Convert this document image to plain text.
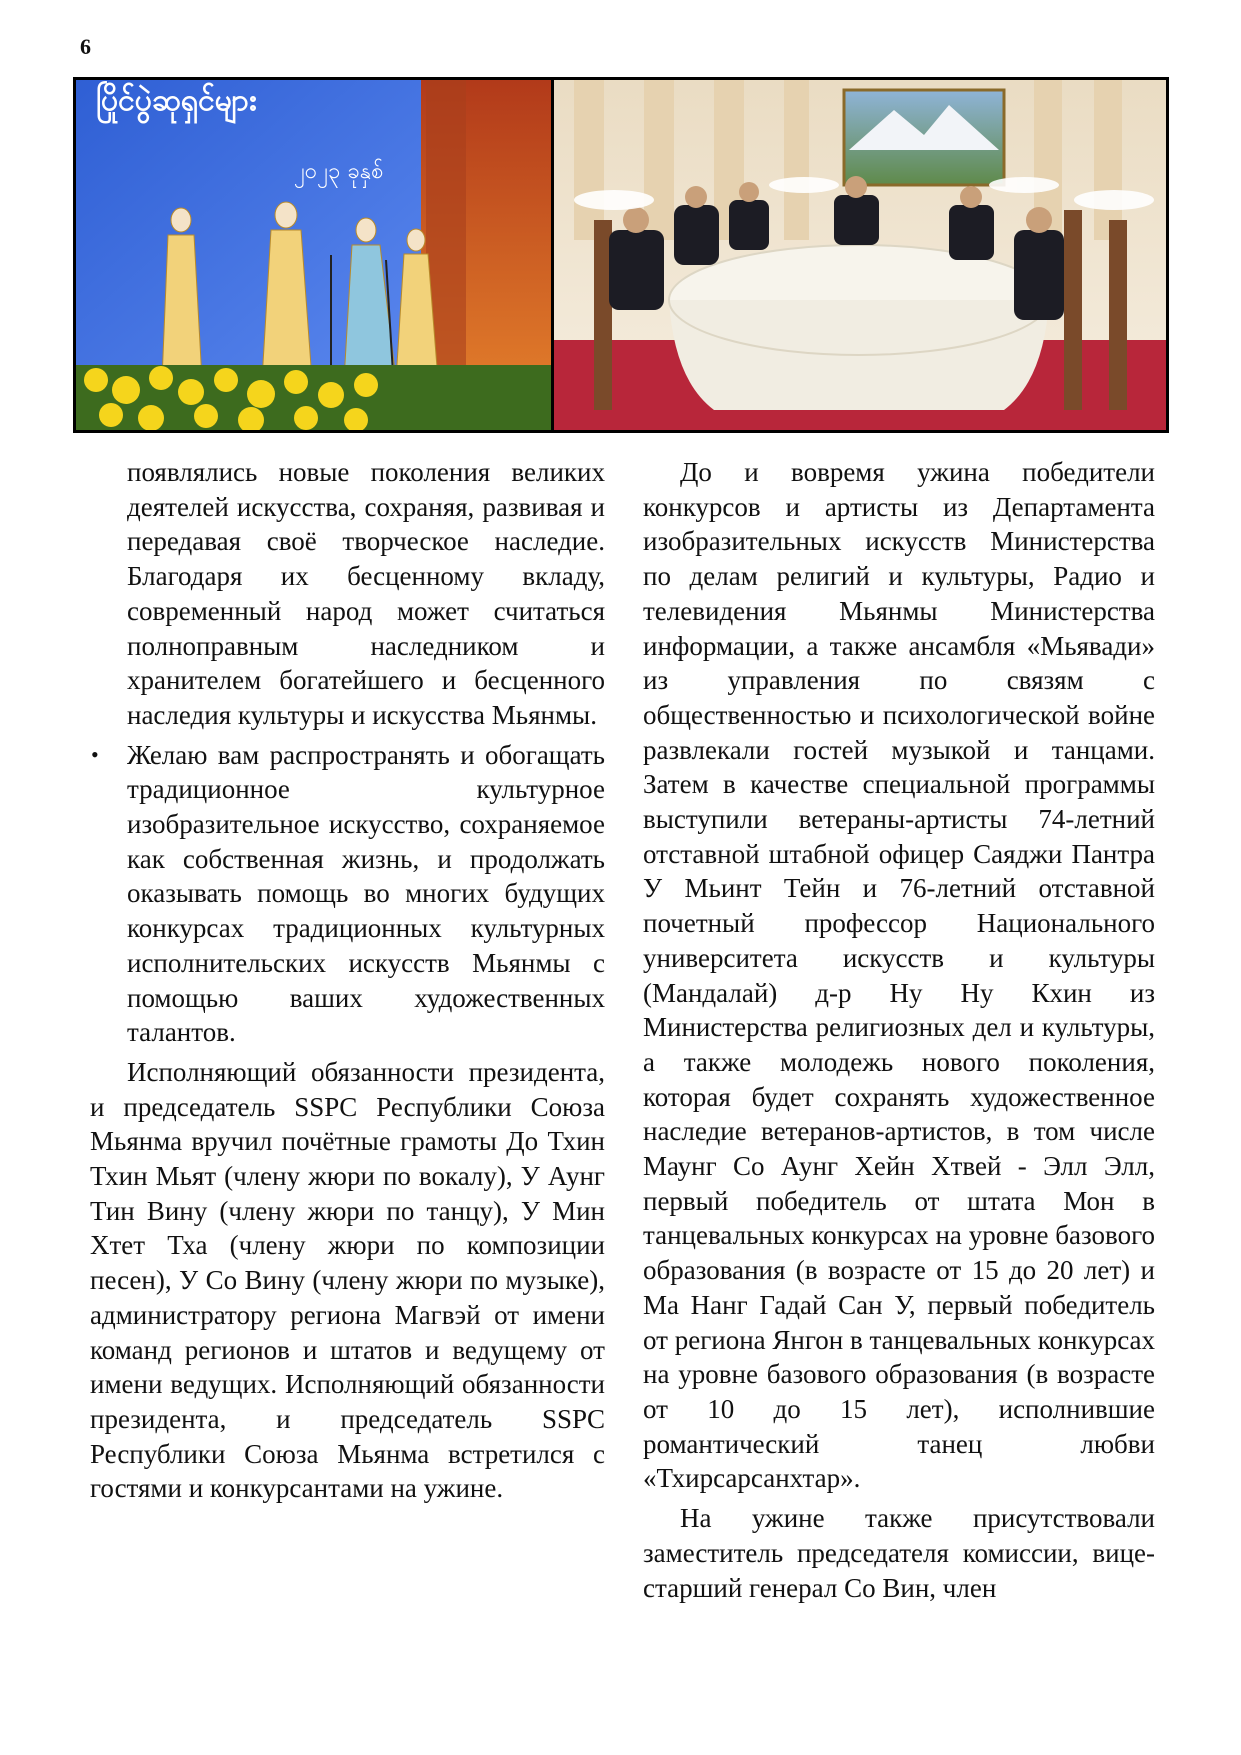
6
ပြိုင်ပွဲဆုရှင်များ
၂၀၂၃ ခုနှစ်

появлялись новые поколения великих деятелей искусства, сохраняя, развивая и передавая своё творческое наследие. Благодаря их бесценному вкладу, современный народ может считаться полноправным наследником и хранителем богатейшего и бесценного наследия культуры и искусства Мьянмы.

• Желаю вам распространять и обогащать традиционное культурное изобразительное искусство, сохраняемое как собственная жизнь, и продолжать оказывать помощь во многих будущих конкурсах традиционных культурных исполнительских искусств Мьянмы с помощью ваших художественных талантов.

Исполняющий обязанности президента, и председатель SSPC Республики Союза Мьянма вручил почётные грамоты До Тхин Тхин Мьят (члену жюри по вокалу), У Аунг Тин Вину (члену жюри по танцу), У Мин Хтет Тха (члену жюри по композиции песен), У Со Вину (члену жюри по музыке), администратору региона Магвэй от имени команд регионов и штатов и ведущему от имени ведущих. Исполняющий обязанности президента, и председатель SSPC Республики Союза Мьянма встретился с гостями и конкурсантами на ужине.

До и вовремя ужина победители конкурсов и артисты из Департамента изобразительных искусств Министерства по делам религий и культуры, Радио и телевидения Мьянмы Министерства информации, а также ансамбля «Мьявади» из управления по связям с общественностью и психологической войне развлекали гостей музыкой и танцами. Затем в качестве специальной программы выступили ветераны-артисты 74-летний отставной штабной офицер Саяджи Пантра У Мьинт Тейн и 76-летний отставной почетный профессор Национального университета искусств и культуры (Мандалай) д-р Ну Ну Кхин из Министерства религиозных дел и культуры, а также молодежь нового поколения, которая будет сохранять художественное наследие ветеранов-артистов, в том числе Маунг Со Аунг Хейн Хтвей - Элл Элл, первый победитель от штата Мон в танцевальных конкурсах на уровне базового образования (в возрасте от 15 до 20 лет) и Ма Нанг Гадай Сан У, первый победитель от региона Янгон в танцевальных конкурсах на уровне базового образования (в возрасте от 10 до 15 лет), исполнившие романтический танец любви «Тхирсарсанхтар».

На ужине также присутствовали заместитель председателя комиссии, вице-старший генерал Со Вин, член
